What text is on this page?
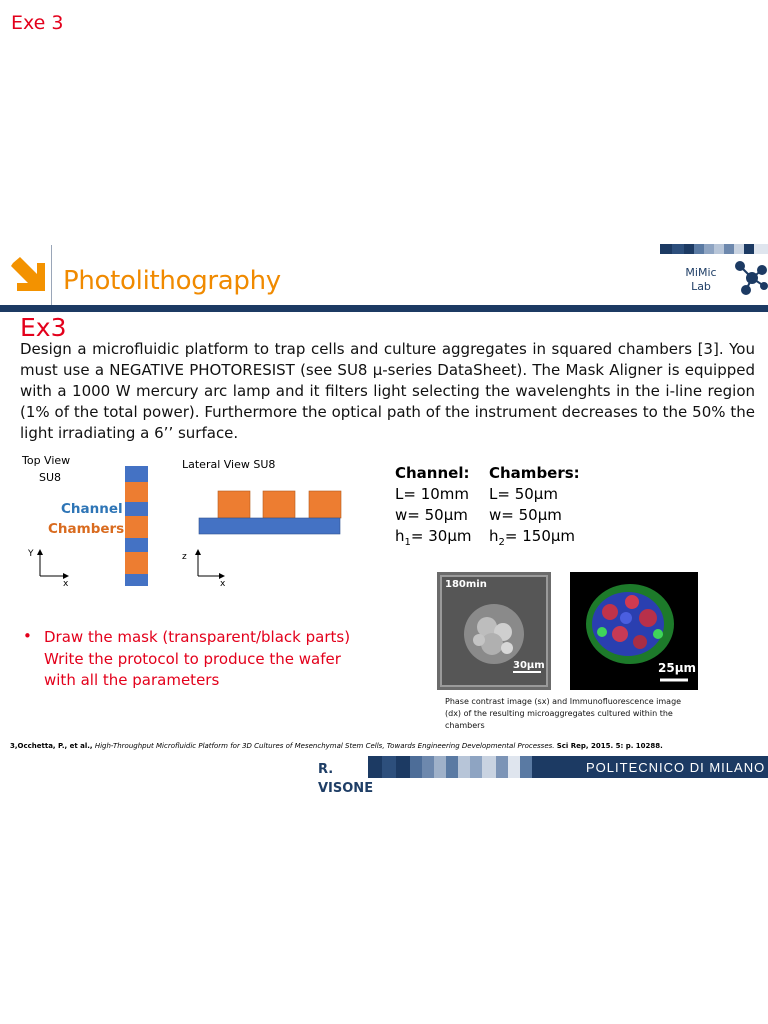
Exe 3
Photolithography	MiMic
Lab
Ex3
Design a microfluidic platform to trap cells and culture aggregates in squared chambers [3]. You must use a NEGATIVE PHOTORESIST (see SU8 μ-series DataSheet). The Mask Aligner is equipped with a 1000 W mercury arc lamp and it filters light selecting the wavelenghts in the i-line region (1% of the total power). Furthermore the optical path of the instrument decreases to the 50% the light irradiating a 6’’ surface.
Top View
SU8
Lateral View SU8
Channel
Chambers
Y
x
z
x
Channel:
L= 10mm
w= 50μm
$h_1= 30\mu m$
Chambers:
L= 50μm
w= 50μm
$h_2= 150\mu m$
• Draw the mask (transparent/black parts)
Write the protocol to produce the wafer
with all the parameters
180min
30μm	25μm
Phase contrast image (sx) and Immunofluorescence image (dx) of the resulting microaggregates cultured within the chambers
3,Occhetta, P., et al., High-Throughput Microfluidic Platform for 3D Cultures of Mesenchymal Stem Cells, Towards Engineering Developmental Processes. Sci Rep, 2015. 5: p. 10288.
POLITECNICO DI MILANO
R.
VISONE
